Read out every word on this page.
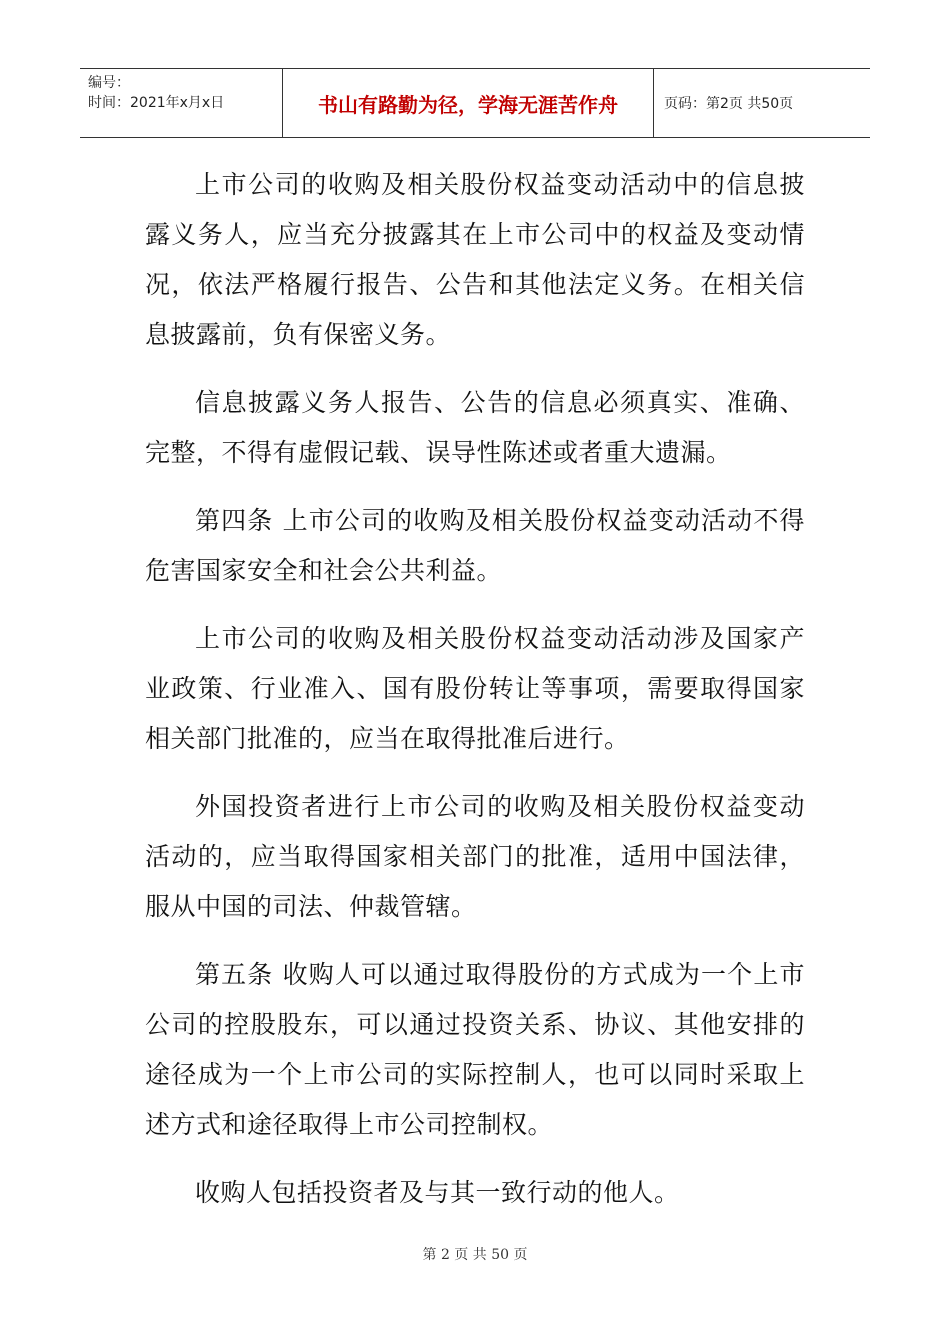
编号：
时间：2021年x月x日	书山有路勤为径，学海无涯苦作舟	页码：第2页 共50页

上市公司的收购及相关股份权益变动活动中的信息披露义务人，应当充分披露其在上市公司中的权益及变动情况，依法严格履行报告、公告和其他法定义务。在相关信息披露前，负有保密义务。

信息披露义务人报告、公告的信息必须真实、准确、完整，不得有虚假记载、误导性陈述或者重大遗漏。

第四条 上市公司的收购及相关股份权益变动活动不得危害国家安全和社会公共利益。

上市公司的收购及相关股份权益变动活动涉及国家产业政策、行业准入、国有股份转让等事项，需要取得国家相关部门批准的，应当在取得批准后进行。

外国投资者进行上市公司的收购及相关股份权益变动活动的，应当取得国家相关部门的批准，适用中国法律，服从中国的司法、仲裁管辖。

第五条 收购人可以通过取得股份的方式成为一个上市公司的控股股东，可以通过投资关系、协议、其他安排的途径成为一个上市公司的实际控制人，也可以同时采取上述方式和途径取得上市公司控制权。

收购人包括投资者及与其一致行动的他人。

第 2 页 共 50 页
